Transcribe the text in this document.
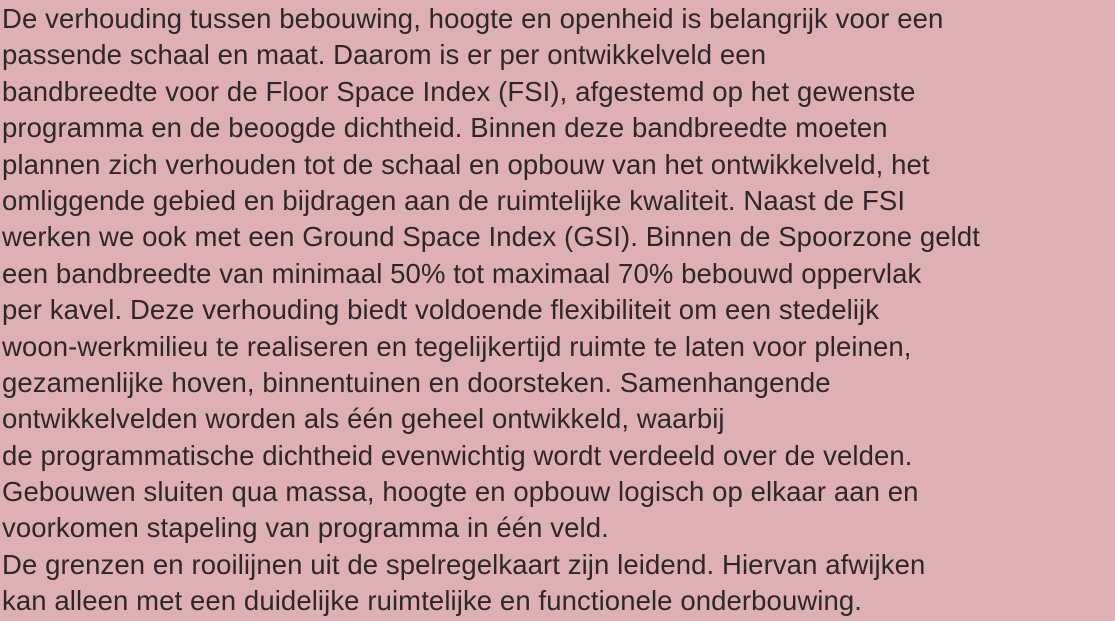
De verhouding tussen bebouwing, hoogte en openheid is belangrijk voor een
passende schaal en maat. Daarom is er per ontwikkelveld een
bandbreedte voor de Floor Space Index (FSI), afgestemd op het gewenste
programma en de beoogde dichtheid. Binnen deze bandbreedte moeten
plannen zich verhouden tot de schaal en opbouw van het ontwikkelveld, het
omliggende gebied en bijdragen aan de ruimtelijke kwaliteit. Naast de FSI
werken we ook met een Ground Space Index (GSI). Binnen de Spoorzone geldt
een bandbreedte van minimaal 50% tot maximaal 70% bebouwd oppervlak
per kavel. Deze verhouding biedt voldoende flexibiliteit om een stedelijk
woon-werkmilieu te realiseren en tegelijkertijd ruimte te laten voor pleinen,
gezamenlijke hoven, binnentuinen en doorsteken. Samenhangende
ontwikkelvelden worden als één geheel ontwikkeld, waarbij
de programmatische dichtheid evenwichtig wordt verdeeld over de velden.
Gebouwen sluiten qua massa, hoogte en opbouw logisch op elkaar aan en
voorkomen stapeling van programma in één veld.
De grenzen en rooilijnen uit de spelregelkaart zijn leidend. Hiervan afwijken
kan alleen met een duidelijke ruimtelijke en functionele onderbouwing.
